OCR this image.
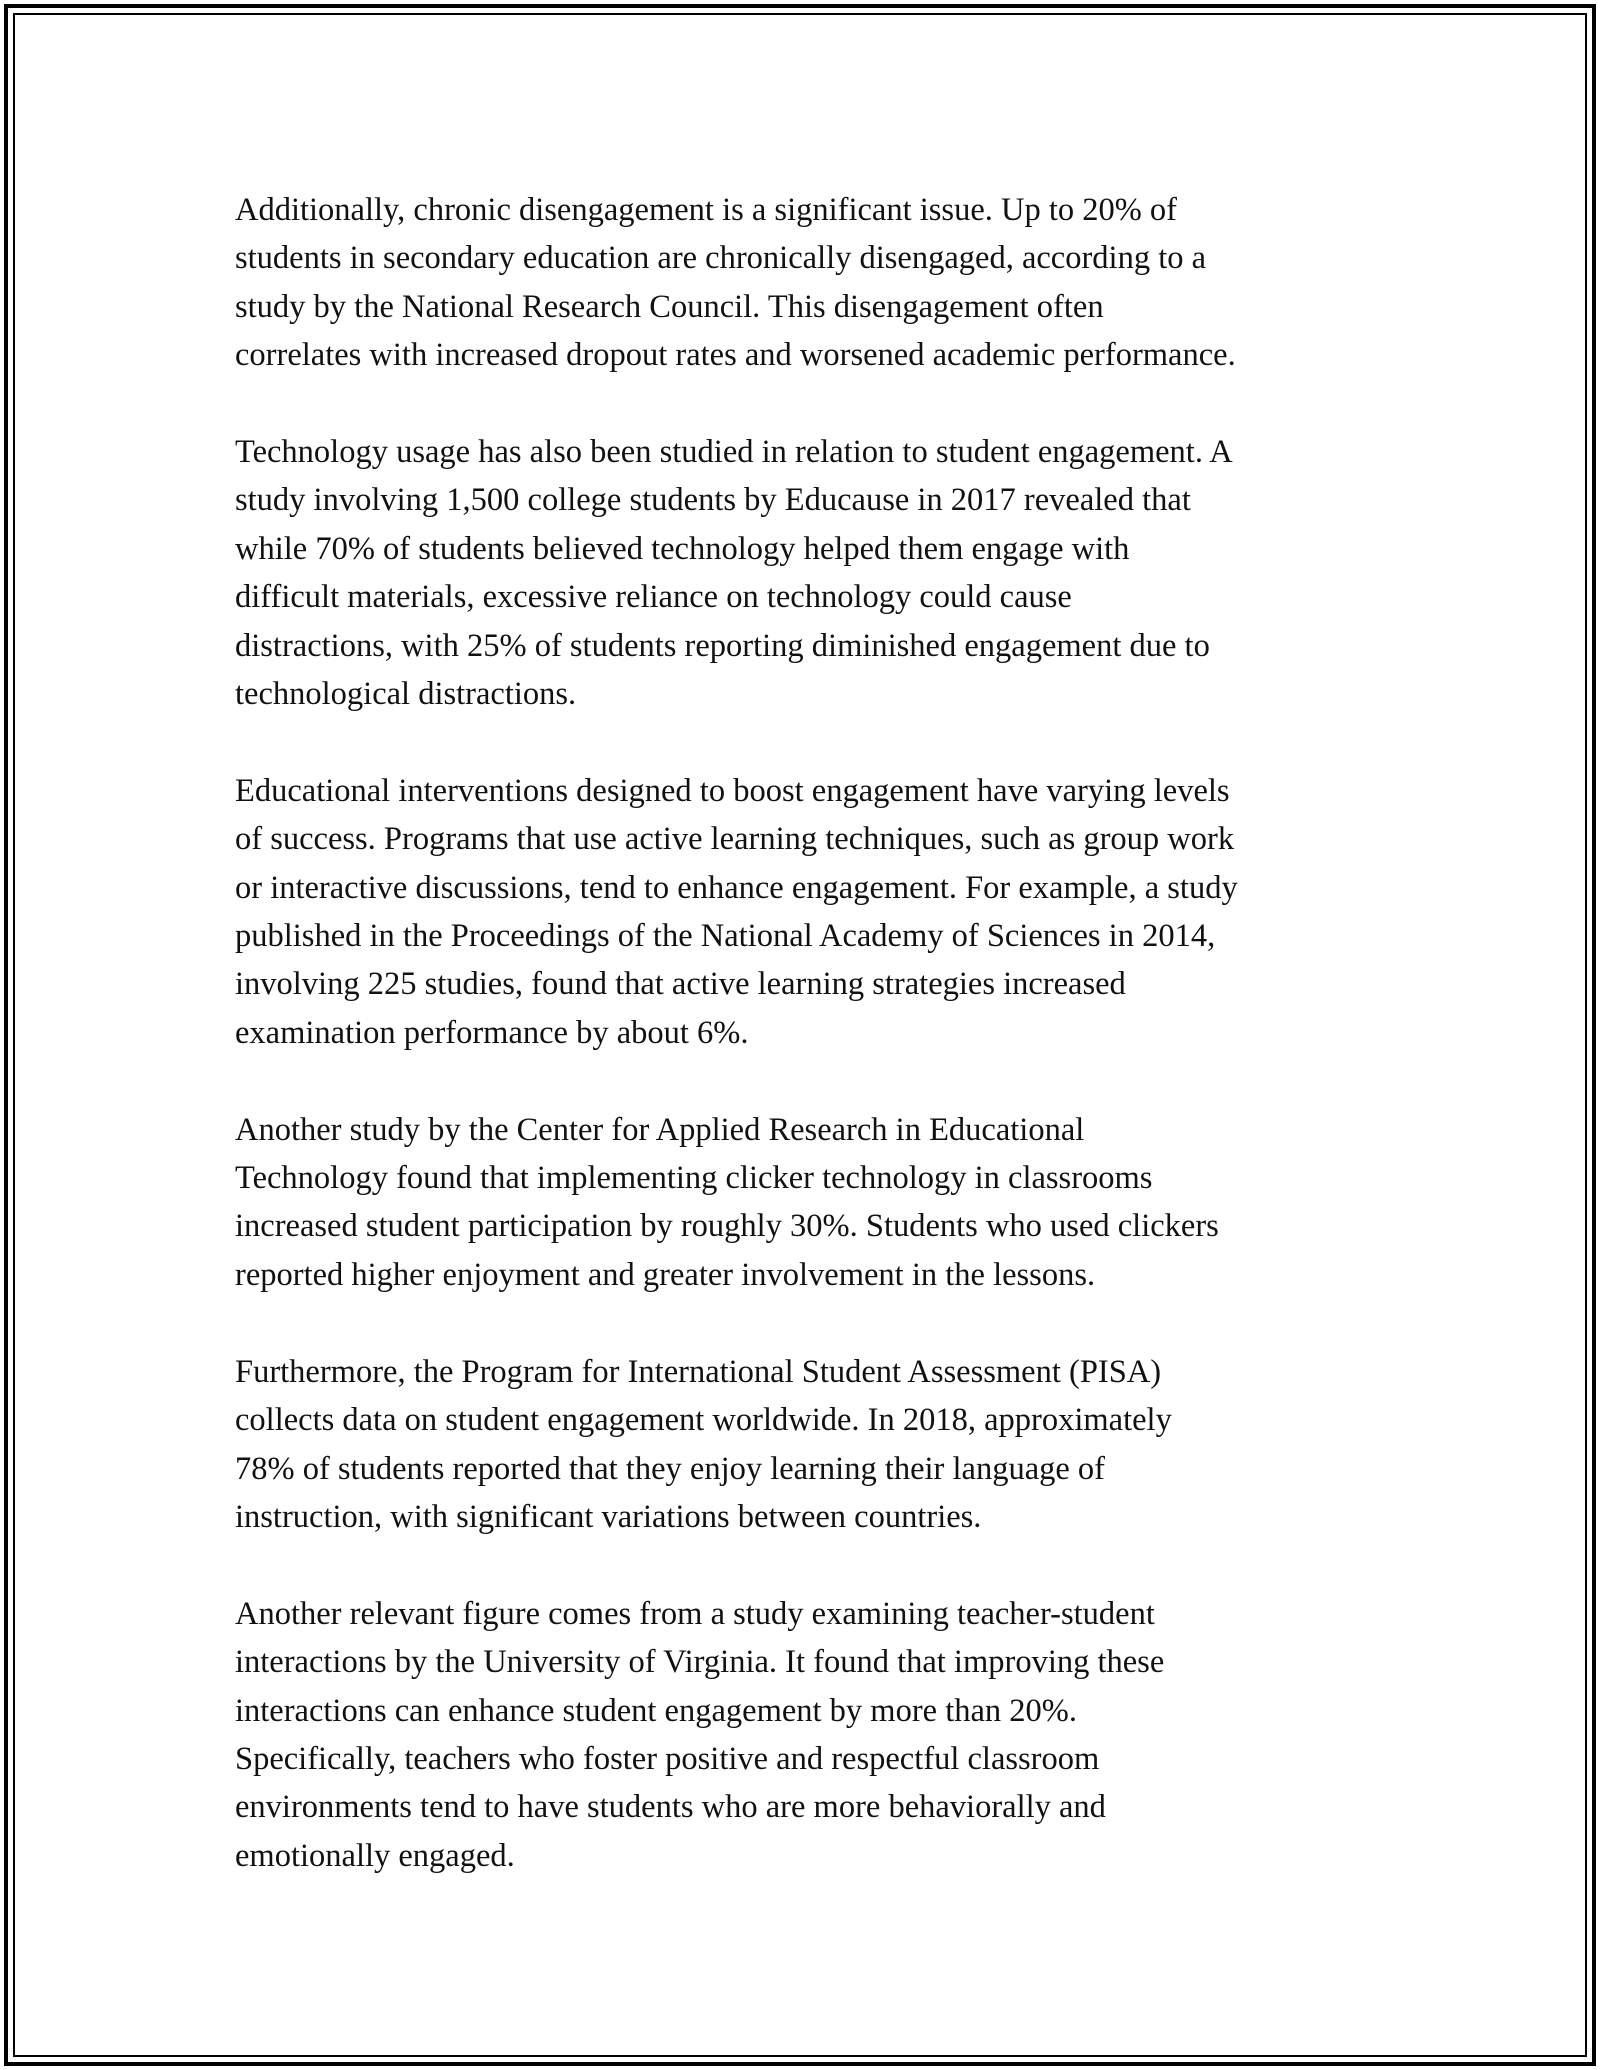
Additionally, chronic disengagement is a significant issue. Up to 20% of
students in secondary education are chronically disengaged, according to a
study by the National Research Council. This disengagement often
correlates with increased dropout rates and worsened academic performance.

Technology usage has also been studied in relation to student engagement. A
study involving 1,500 college students by Educause in 2017 revealed that
while 70% of students believed technology helped them engage with
difficult materials, excessive reliance on technology could cause
distractions, with 25% of students reporting diminished engagement due to
technological distractions.

Educational interventions designed to boost engagement have varying levels
of success. Programs that use active learning techniques, such as group work
or interactive discussions, tend to enhance engagement. For example, a study
published in the Proceedings of the National Academy of Sciences in 2014,
involving 225 studies, found that active learning strategies increased
examination performance by about 6%.

Another study by the Center for Applied Research in Educational
Technology found that implementing clicker technology in classrooms
increased student participation by roughly 30%. Students who used clickers
reported higher enjoyment and greater involvement in the lessons.

Furthermore, the Program for International Student Assessment (PISA)
collects data on student engagement worldwide. In 2018, approximately
78% of students reported that they enjoy learning their language of
instruction, with significant variations between countries.

Another relevant figure comes from a study examining teacher-student
interactions by the University of Virginia. It found that improving these
interactions can enhance student engagement by more than 20%.
Specifically, teachers who foster positive and respectful classroom
environments tend to have students who are more behaviorally and
emotionally engaged.
